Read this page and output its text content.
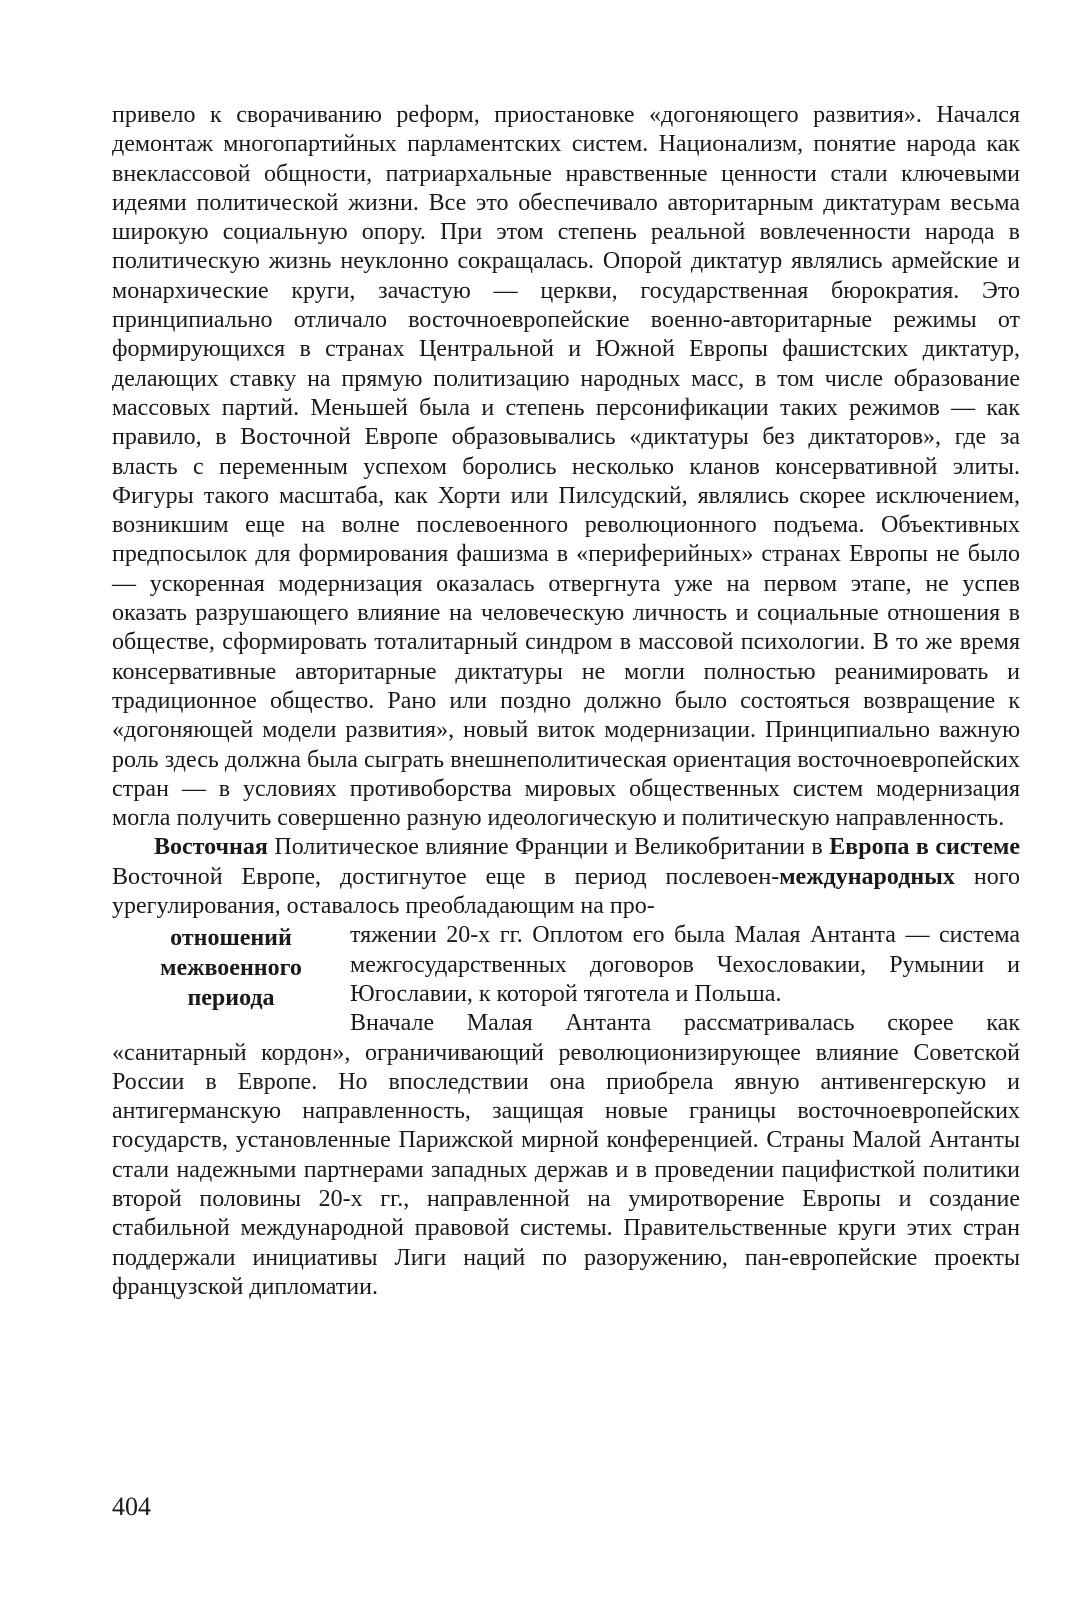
привело к сворачиванию реформ, приостановке «догоняющего развития». Начался демонтаж многопартийных парламентских систем. Национализм, понятие народа как внеклассовой общности, патриархальные нравственные ценности стали ключевыми идеями политической жизни. Все это обеспечивало авторитарным диктатурам весьма широкую социальную опору. При этом степень реальной вовлеченности народа в политическую жизнь неуклонно сокращалась. Опорой диктатур являлись армейские и монархические круги, зачастую — церкви, государственная бюрократия. Это принципиально отличало восточноевропейские военно-авторитарные режимы от формирующихся в странах Центральной и Южной Европы фашистских диктатур, делающих ставку на прямую политизацию народных масс, в том числе образование массовых партий. Меньшей была и степень персонификации таких режимов — как правило, в Восточной Европе образовывались «диктатуры без диктаторов», где за власть с переменным успехом боролись несколько кланов консервативной элиты. Фигуры такого масштаба, как Хорти или Пилсудский, являлись скорее исключением, возникшим еще на волне послевоенного революционного подъема. Объективных предпосылок для формирования фашизма в «периферийных» странах Европы не было — ускоренная модернизация оказалась отвергнута уже на первом этапе, не успев оказать разрушающего влияние на человеческую личность и социальные отношения в обществе, сформировать тоталитарный синдром в массовой психологии. В то же время консервативные авторитарные диктатуры не могли полностью реанимировать и традиционное общество. Рано или поздно должно было состояться возвращение к «догоняющей модели развития», новый виток модернизации. Принципиально важную роль здесь должна была сыграть внешнеполитическая ориентация восточноевропейских стран — в условиях противоборства мировых общественных систем модернизация могла получить совершенно разную идеологическую и политическую направленность.

Восточная Политическое влияние Франции и Великобритании в Европа в системе Восточной Европе, достигнутое еще в период послевоен-международных ного урегулирования, оставалось преобладающим на про-

отношений
межвоенного
периода

тяжении 20-х гг. Оплотом его была Малая Антанта — система межгосударственных договоров Чехословакии, Румынии и Югославии, к которой тяготела и Польша.

Вначале Малая Антанта рассматривалась скорее как «санитарный кордон», ограничивающий революционизирующее влияние Советской России в Европе. Но впоследствии она приобрела явную антивенгерскую и антигерманскую направленность, защищая новые границы восточноевропейских государств, установленные Парижской мирной конференцией. Страны Малой Антанты стали надежными партнерами западных держав и в проведении пацифисткой политики второй половины 20-х гг., направленной на умиротворение Европы и создание стабильной международной правовой системы. Правительственные круги этих стран поддержали инициативы Лиги наций по разоружению, пан-европейские проекты французской дипломатии.

404
